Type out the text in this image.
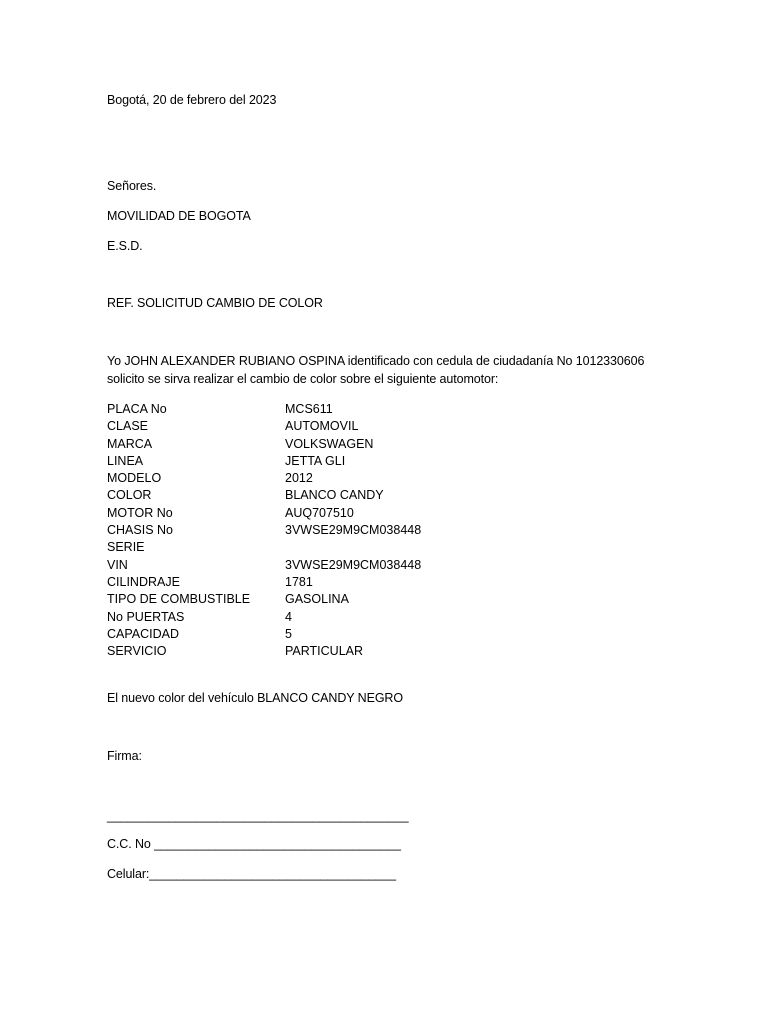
Bogotá, 20 de febrero del 2023
Señores.
MOVILIDAD DE BOGOTA
E.S.D.
REF. SOLICITUD CAMBIO DE COLOR
Yo JOHN ALEXANDER RUBIANO OSPINA identificado con cedula de ciudadanía No 1012330606
solicito se sirva realizar el cambio de color sobre el siguiente automotor:
PLACA No	MCS611
CLASE	AUTOMOVIL
MARCA	VOLKSWAGEN
LINEA	JETTA GLI
MODELO	2012
COLOR	BLANCO CANDY
MOTOR No	AUQ707510
CHASIS No	3VWSE29M9CM038448
SERIE
VIN	3VWSE29M9CM038448
CILINDRAJE	1781
TIPO DE COMBUSTIBLE	GASOLINA
No PUERTAS	4
CAPACIDAD	5
SERVICIO	PARTICULAR
El nuevo color del vehículo BLANCO CANDY NEGRO
Firma:
____________________________________________
C.C. No ____________________________________
Celular:____________________________________
